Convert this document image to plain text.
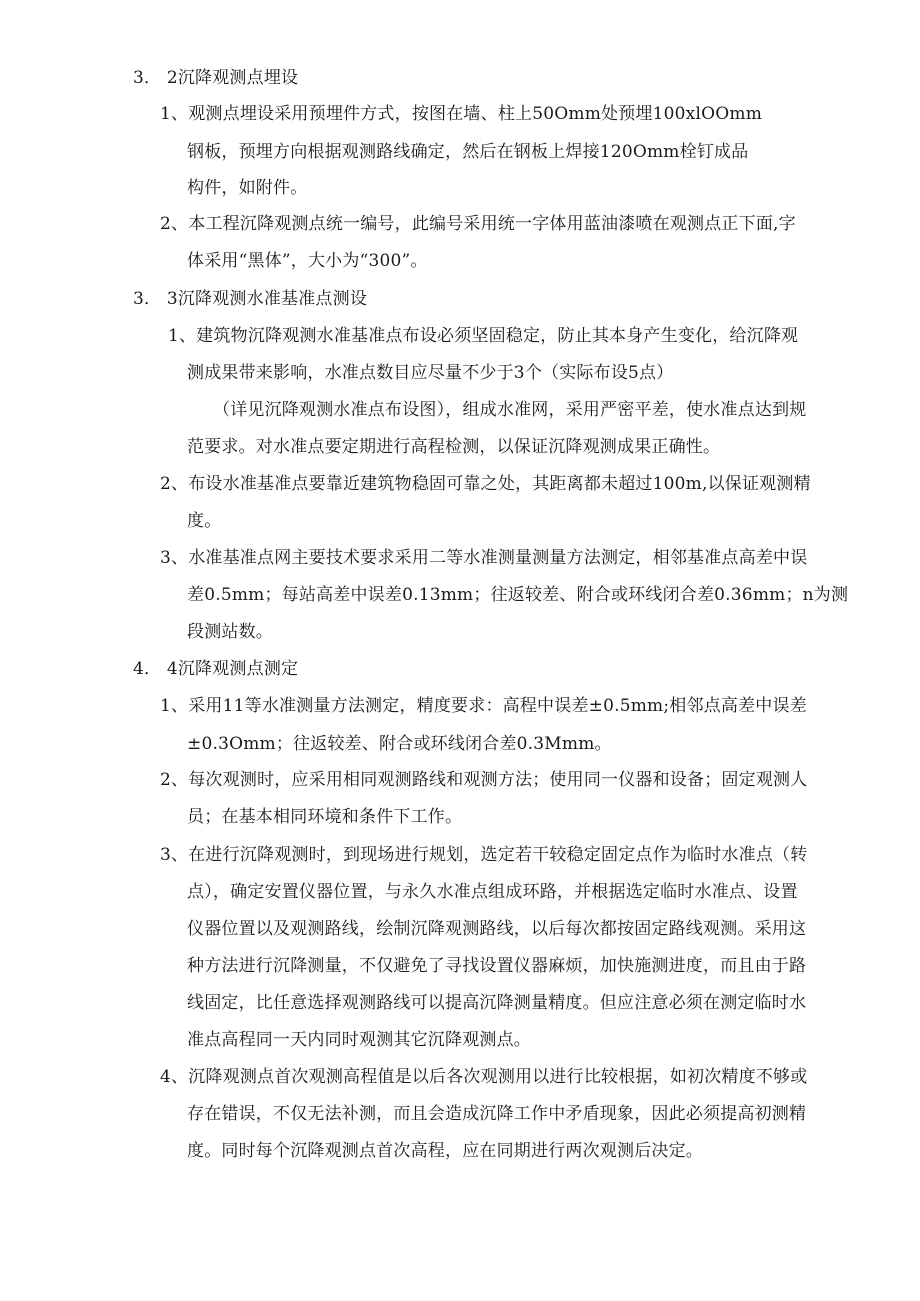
3． 2沉降观测点埋设
1、观测点埋设采用预埋件方式，按图在墙、柱上50Omm处预埋100xlOOmm
钢板，预埋方向根据观测路线确定，然后在钢板上焊接120Omm栓钉成品
构件，如附件。
2、本工程沉降观测点统一编号，此编号采用统一字体用蓝油漆喷在观测点正下面,字
体采用“黑体”，大小为“300”。
3． 3沉降观测水准基准点测设
1、建筑物沉降观测水准基准点布设必须坚固稳定，防止其本身产生变化，给沉降观
测成果带来影响，水准点数目应尽量不少于3个（实际布设5点）
（详见沉降观测水准点布设图），组成水准网，采用严密平差，使水准点达到规
范要求。对水准点要定期进行高程检测，以保证沉降观测成果正确性。
2、布设水准基准点要靠近建筑物稳固可靠之处，其距离都未超过100m,以保证观测精
度。
3、水准基准点网主要技术要求采用二等水准测量测量方法测定，相邻基准点高差中误
差0.5mm；每站高差中误差0.13mm；往返较差、附合或环线闭合差0.36mm；n为测
段测站数。
4． 4沉降观测点测定
1、采用11等水准测量方法测定，精度要求：高程中误差±0.5mm;相邻点高差中误差
±0.3Omm；往返较差、附合或环线闭合差0.3Mmm。
2、每次观测时，应采用相同观测路线和观测方法；使用同一仪器和设备；固定观测人
员；在基本相同环境和条件下工作。
3、在进行沉降观测时，到现场进行规划，选定若干较稳定固定点作为临时水准点（转
点），确定安置仪器位置，与永久水准点组成环路，并根据选定临时水准点、设置
仪器位置以及观测路线，绘制沉降观测路线，以后每次都按固定路线观测。采用这
种方法进行沉降测量，不仅避免了寻找设置仪器麻烦，加快施测进度，而且由于路
线固定，比任意选择观测路线可以提高沉降测量精度。但应注意必须在测定临时水
准点高程同一天内同时观测其它沉降观测点。
4、沉降观测点首次观测高程值是以后各次观测用以进行比较根据，如初次精度不够或
存在错误，不仅无法补测，而且会造成沉降工作中矛盾现象，因此必须提高初测精
度。同时每个沉降观测点首次高程，应在同期进行两次观测后决定。
